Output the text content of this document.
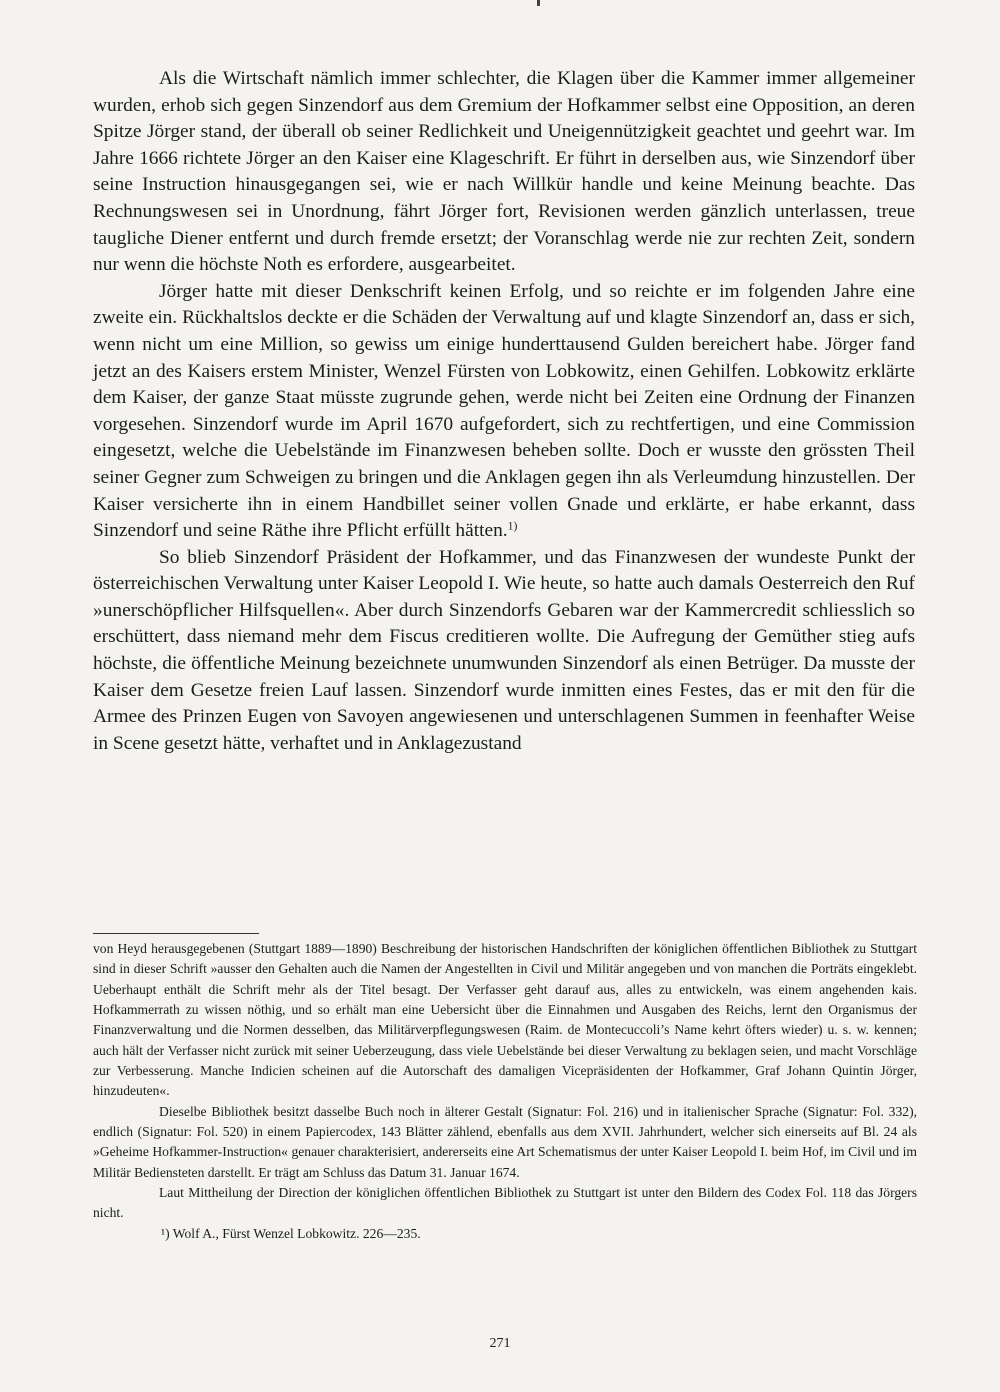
Als die Wirtschaft nämlich immer schlechter, die Klagen über die Kammer immer allgemeiner wurden, erhob sich gegen Sinzendorf aus dem Gremium der Hofkammer selbst eine Opposition, an deren Spitze Jörger stand, der überall ob seiner Redlichkeit und Uneigennützigkeit geachtet und geehrt war. Im Jahre 1666 richtete Jörger an den Kaiser eine Klageschrift. Er führt in derselben aus, wie Sinzendorf über seine Instruction hinausgegangen sei, wie er nach Willkür handle und keine Meinung beachte. Das Rechnungswesen sei in Unordnung, fährt Jörger fort, Revisionen werden gänzlich unterlassen, treue taugliche Diener entfernt und durch fremde ersetzt; der Voranschlag werde nie zur rechten Zeit, sondern nur wenn die höchste Noth es erfordere, ausgearbeitet.

Jörger hatte mit dieser Denkschrift keinen Erfolg, und so reichte er im folgenden Jahre eine zweite ein. Rückhaltslos deckte er die Schäden der Verwaltung auf und klagte Sinzendorf an, dass er sich, wenn nicht um eine Million, so gewiss um einige hunderttausend Gulden bereichert habe. Jörger fand jetzt an des Kaisers erstem Minister, Wenzel Fürsten von Lobkowitz, einen Gehilfen. Lobkowitz erklärte dem Kaiser, der ganze Staat müsste zugrunde gehen, werde nicht bei Zeiten eine Ordnung der Finanzen vorgesehen. Sinzendorf wurde im April 1670 aufgefordert, sich zu rechtfertigen, und eine Commission eingesetzt, welche die Uebelstände im Finanzwesen beheben sollte. Doch er wusste den grössten Theil seiner Gegner zum Schweigen zu bringen und die Anklagen gegen ihn als Verleumdung hinzustellen. Der Kaiser versicherte ihn in einem Handbillet seiner vollen Gnade und erklärte, er habe erkannt, dass Sinzendorf und seine Räthe ihre Pflicht erfüllt hätten.$^{1)}$

So blieb Sinzendorf Präsident der Hofkammer, und das Finanzwesen der wundeste Punkt der österreichischen Verwaltung unter Kaiser Leopold I. Wie heute, so hatte auch damals Oesterreich den Ruf »unerschöpflicher Hilfsquellen«. Aber durch Sinzendorfs Gebaren war der Kammercredit schliesslich so erschüttert, dass niemand mehr dem Fiscus creditieren wollte. Die Aufregung der Gemüther stieg aufs höchste, die öffentliche Meinung bezeichnete unumwunden Sinzendorf als einen Betrüger. Da musste der Kaiser dem Gesetze freien Lauf lassen. Sinzendorf wurde inmitten eines Festes, das er mit den für die Armee des Prinzen Eugen von Savoyen angewiesenen und unterschlagenen Summen in feenhafter Weise in Scene gesetzt hätte, verhaftet und in Anklagezustand

von Heyd herausgegebenen (Stuttgart 1889—1890) Beschreibung der historischen Handschriften der königlichen öffentlichen Bibliothek zu Stuttgart sind in dieser Schrift »ausser den Gehalten auch die Namen der Angestellten in Civil und Militär angegeben und von manchen die Porträts eingeklebt. Ueberhaupt enthält die Schrift mehr als der Titel besagt. Der Verfasser geht darauf aus, alles zu entwickeln, was einem angehenden kais. Hofkammerrath zu wissen nöthig, und so erhält man eine Uebersicht über die Einnahmen und Ausgaben des Reichs, lernt den Organismus der Finanzverwaltung und die Normen desselben, das Militärverpflegungswesen (Raim. de Montecuccoli’s Name kehrt öfters wieder) u. s. w. kennen; auch hält der Verfasser nicht zurück mit seiner Ueberzeugung, dass viele Uebelstände bei dieser Verwaltung zu beklagen seien, und macht Vorschläge zur Verbesserung. Manche Indicien scheinen auf die Autorschaft des damaligen Vicepräsidenten der Hofkammer, Graf Johann Quintin Jörger, hinzudeuten«.

Dieselbe Bibliothek besitzt dasselbe Buch noch in älterer Gestalt (Signatur: Fol. 216) und in italienischer Sprache (Signatur: Fol. 332), endlich (Signatur: Fol. 520) in einem Papiercodex, 143 Blätter zählend, ebenfalls aus dem XVII. Jahrhundert, welcher sich einerseits auf Bl. 24 als »Geheime Hofkammer-Instruction« genauer charakterisiert, andererseits eine Art Schematismus der unter Kaiser Leopold I. beim Hof, im Civil und im Militär Bediensteten darstellt. Er trägt am Schluss das Datum 31. Januar 1674.

Laut Mittheilung der Direction der königlichen öffentlichen Bibliothek zu Stuttgart ist unter den Bildern des Codex Fol. 118 das Jörgers nicht.

¹) Wolf A., Fürst Wenzel Lobkowitz. 226—235.

271
